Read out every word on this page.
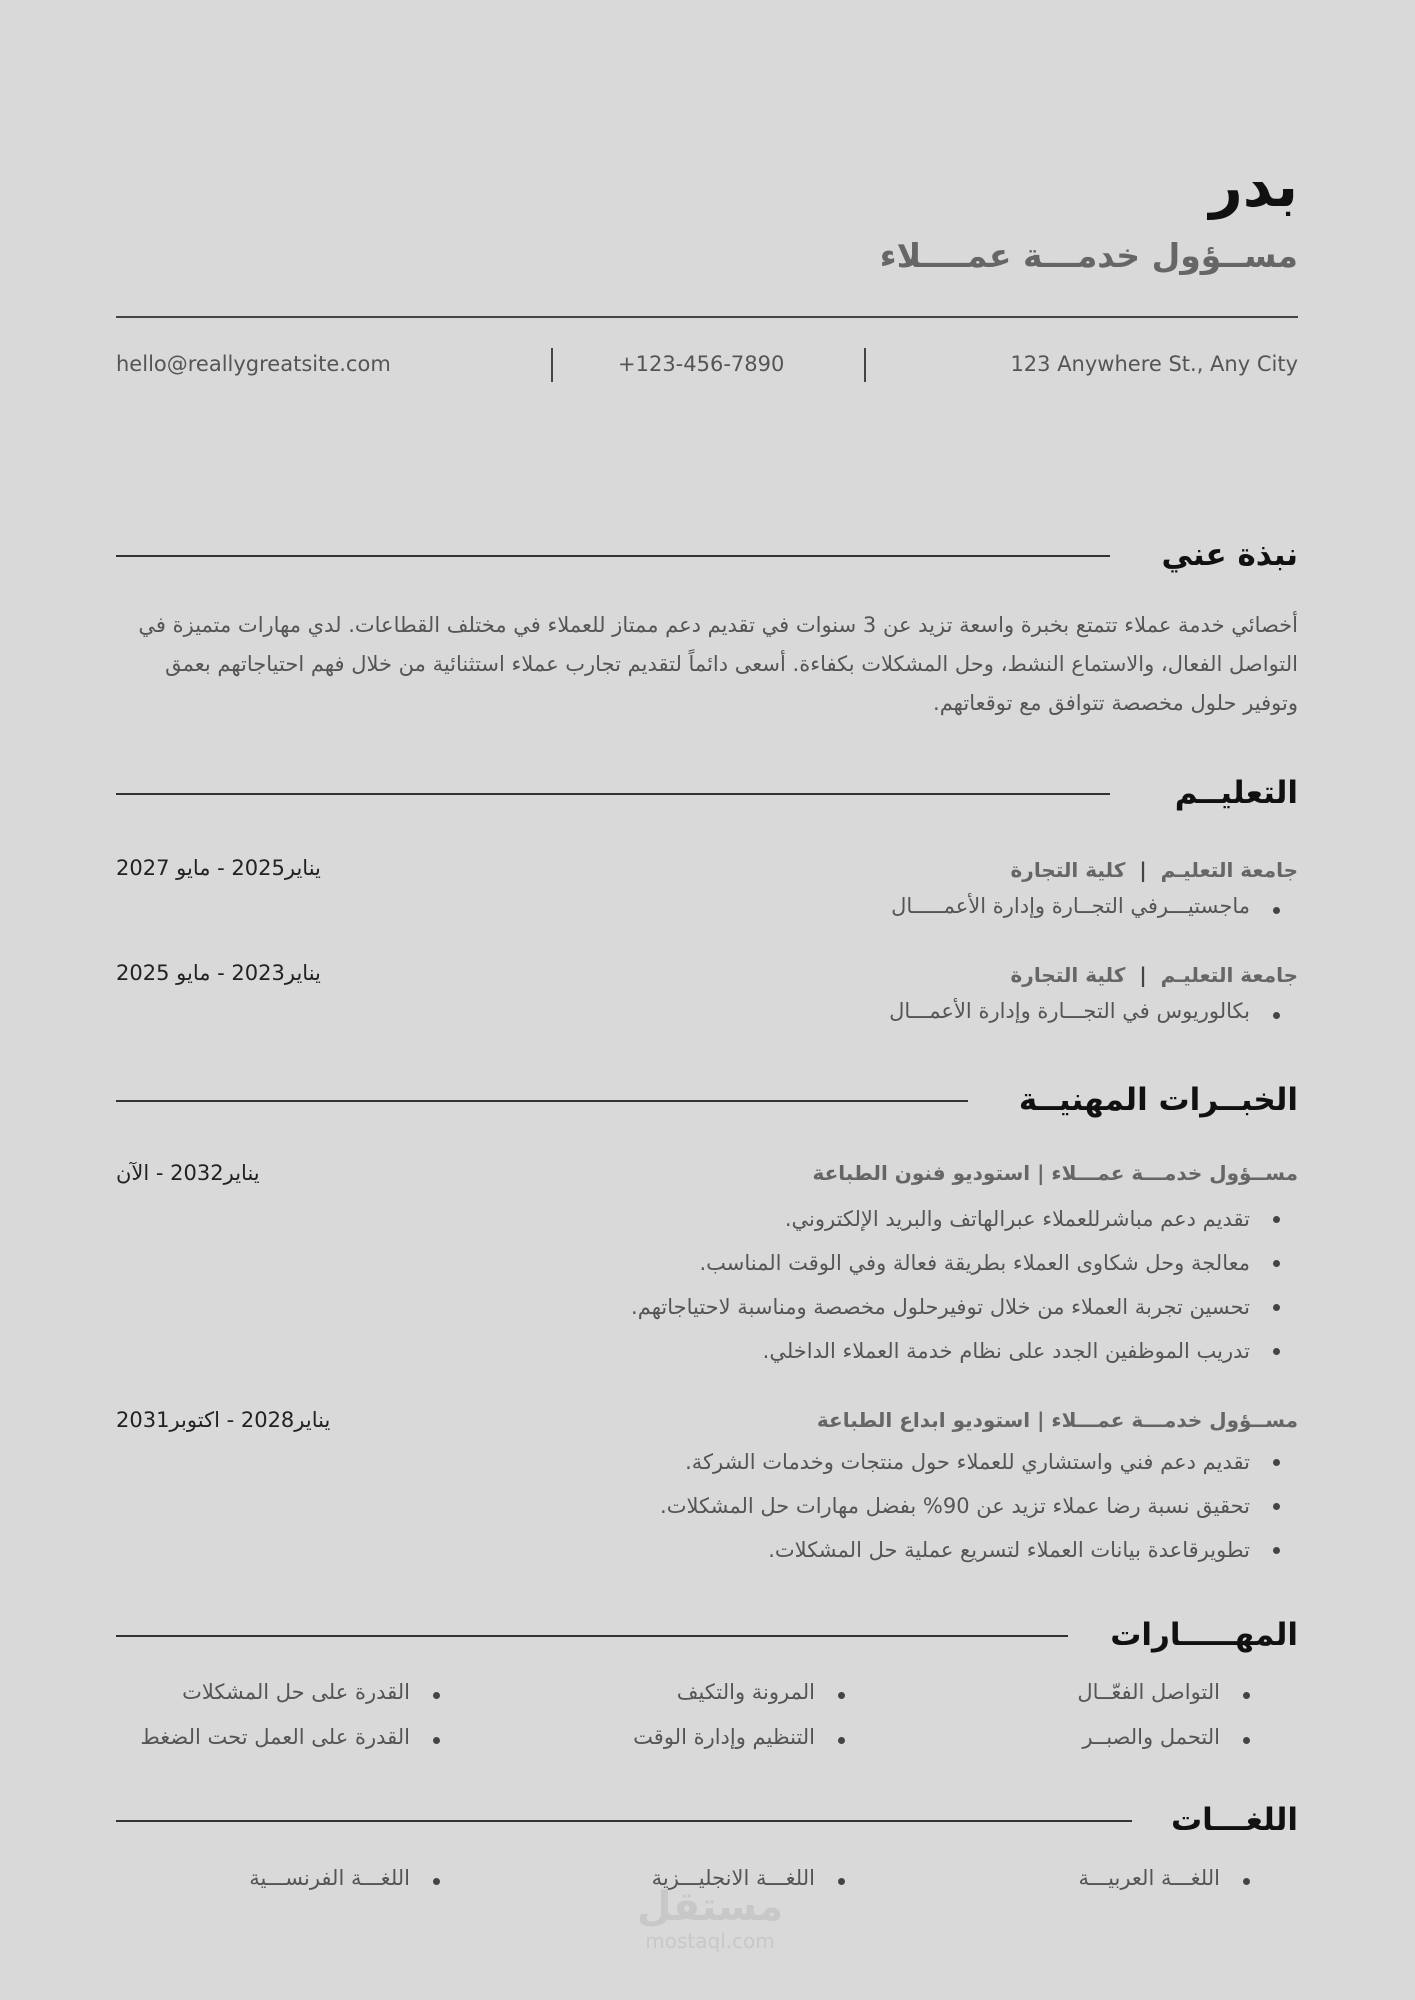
بدر
مســؤول خدمـــة عمــــلاء
hello@reallygreatsite.com	+123-456-7890	123 Anywhere St., Any City
نبذة عني

أخصائي خدمة عملاء تتمتع بخبرة واسعة تزيد عن 3 سنوات في تقديم دعم ممتاز للعملاء في مختلف القطاعات. لدي مهارات متميزة في التواصل الفعال، والاستماع النشط، وحل المشكلات بكفاءة. أسعى دائماً لتقديم تجارب عملاء استثنائية من خلال فهم احتياجاتهم بعمق وتوفير حلول مخصصة تتوافق مع توقعاتهم.

التعليــم
جامعة التعليـم|كلية التجارة
يناير2025 - مايو 2027
ماجستيـــرفي التجــارة وإدارة الأعمـــــال
جامعة التعليـم|كلية التجارة
يناير2023 - مايو 2025
بكالوريوس في التجـــارة وإدارة الأعمـــال
الخبــرات المهنيــة
مســؤول خدمـــة عمـــلاء | استوديو فنون الطباعة
يناير2032 - الآن
تقديم دعم مباشرللعملاء عبرالهاتف والبريد الإلكتروني.
معالجة وحل شكاوى العملاء بطريقة فعالة وفي الوقت المناسب.
تحسين تجربة العملاء من خلال توفيرحلول مخصصة ومناسبة لاحتياجاتهم.
تدريب الموظفين الجدد على نظام خدمة العملاء الداخلي.
مســؤول خدمـــة عمـــلاء | استوديو ابداع الطباعة
يناير2028 - اكتوبر2031
تقديم دعم فني واستشاري للعملاء حول منتجات وخدمات الشركة.
تحقيق نسبة رضا عملاء تزيد عن 90% بفضل مهارات حل المشكلات.
تطويرقاعدة بيانات العملاء لتسريع عملية حل المشكلات.
المهـــــارات
التواصل الفعّــال
المرونة والتكيف
القدرة على حل المشكلات
التحمل والصبــر
التنظيم وإدارة الوقت
القدرة على العمل تحت الضغط
اللغـــات
اللغـــة العربيـــة
اللغـــة الانجليـــزية
اللغـــة الفرنســـية
مستقل
mostaql.com
